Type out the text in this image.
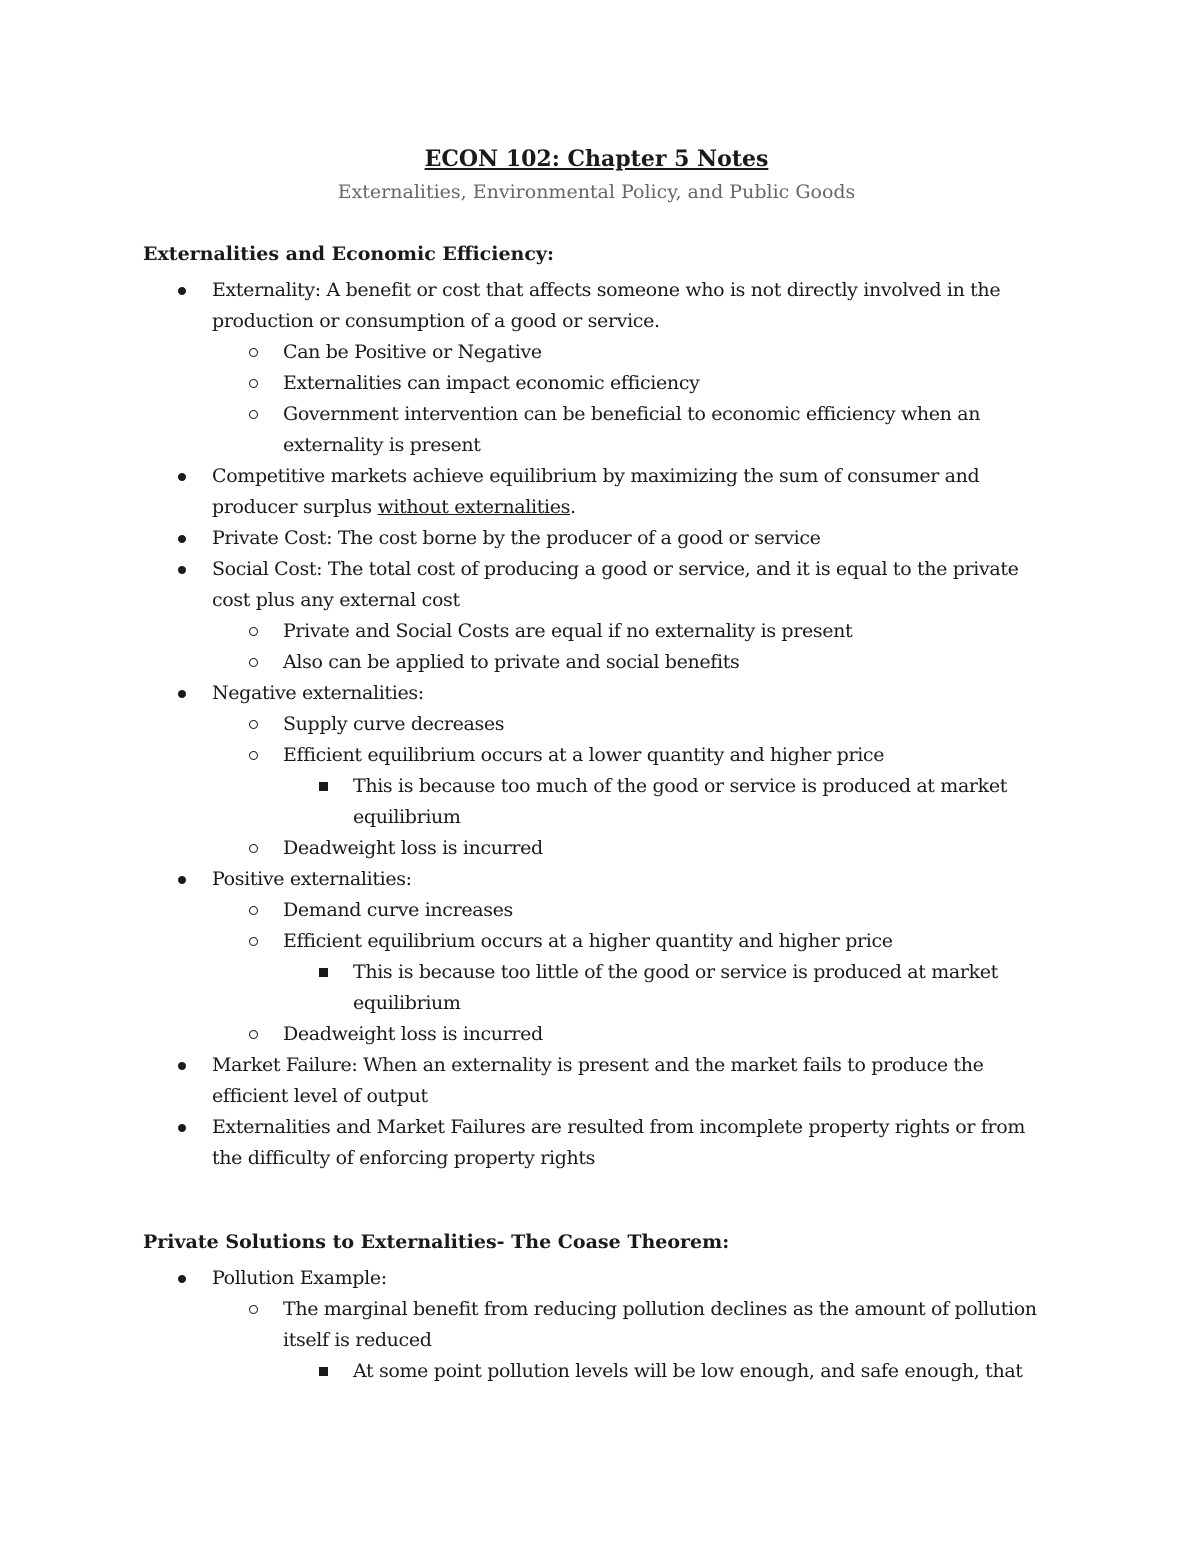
ECON 102: Chapter 5 Notes

Externalities, Environmental Policy, and Public Goods

Externalities and Economic Efficiency:
Externality: A benefit or cost that affects someone who is not directly involved in the production or consumption of a good or service.
Can be Positive or Negative
Externalities can impact economic efficiency
Government intervention can be beneficial to economic efficiency when an externality is present
Competitive markets achieve equilibrium by maximizing the sum of consumer and producer surplus without externalities.
Private Cost: The cost borne by the producer of a good or service
Social Cost: The total cost of producing a good or service, and it is equal to the private cost plus any external cost
Private and Social Costs are equal if no externality is present
Also can be applied to private and social benefits
Negative externalities:
Supply curve decreases
Efficient equilibrium occurs at a lower quantity and higher price
This is because too much of the good or service is produced at market equilibrium
Deadweight loss is incurred
Positive externalities:
Demand curve increases
Efficient equilibrium occurs at a higher quantity and higher price
This is because too little of the good or service is produced at market equilibrium
Deadweight loss is incurred
Market Failure: When an externality is present and the market fails to produce the efficient level of output
Externalities and Market Failures are resulted from incomplete property rights or from the difficulty of enforcing property rights
Private Solutions to Externalities- The Coase Theorem:
Pollution Example:
The marginal benefit from reducing pollution declines as the amount of pollution itself is reduced
At some point pollution levels will be low enough, and safe enough, that
